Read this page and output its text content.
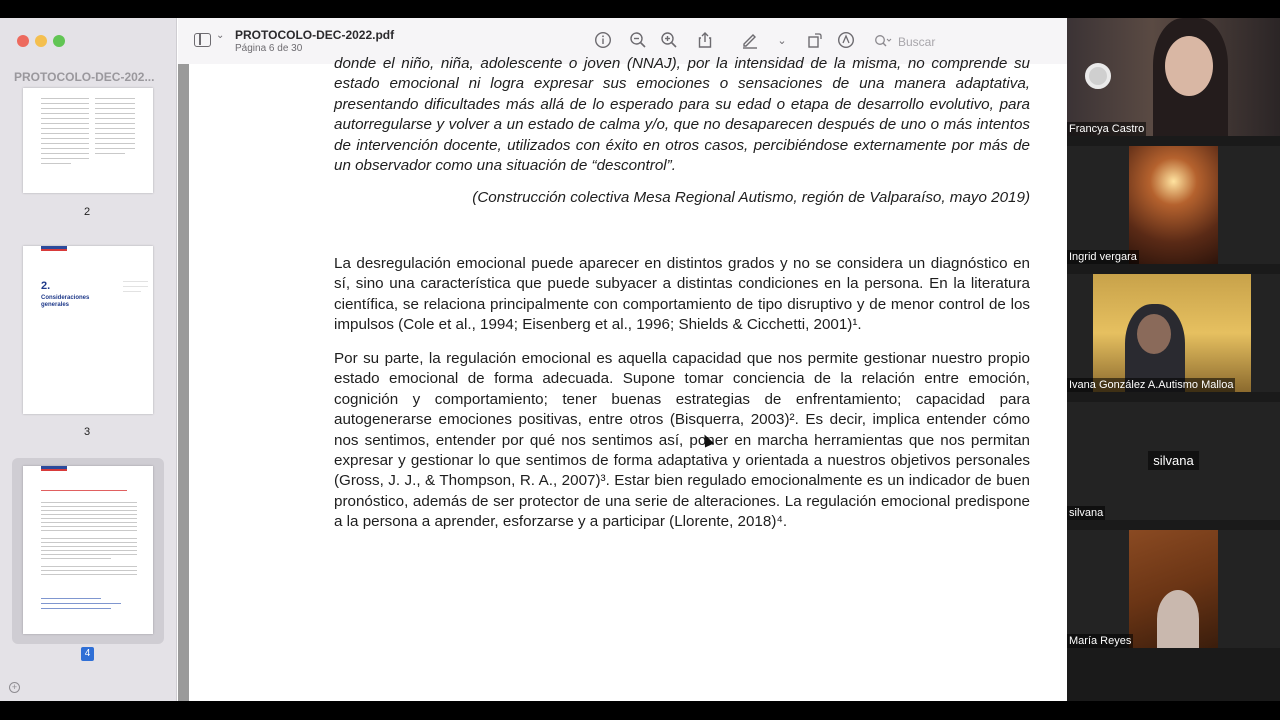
PROTOCOLO-DEC-202...
2
2.
Consideraciones generales
3
4
+
⌄ PROTOCOLO-DEC-2022.pdf
Página 6 de 30
⌄	Buscar
donde el niño, niña, adolescente o joven (NNAJ), por la intensidad de la misma, no comprende su estado emocional ni logra expresar sus emociones o sensaciones de una manera adaptativa, presentando dificultades más allá de lo esperado para su edad o etapa de desarrollo evolutivo, para autorregularse y volver a un estado de calma y/o, que no desaparecen después de uno o más intentos de intervención docente, utilizados con éxito en otros casos, percibiéndose externamente por más de un observador como una situación de “descontrol”.
(Construcción colectiva Mesa Regional Autismo, región de Valparaíso, mayo 2019)
La desregulación emocional puede aparecer en distintos grados y no se considera un diagnóstico en sí, sino una característica que puede subyacer a distintas condiciones en la persona. En la literatura científica, se relaciona principalmente con comportamiento de tipo disruptivo y de menor control de los impulsos (Cole et al., 1994; Eisenberg et al., 1996; Shields & Cicchetti, 2001)¹.
Por su parte, la regulación emocional es aquella capacidad que nos permite gestionar nuestro propio estado emocional de forma adecuada. Supone tomar conciencia de la relación entre emoción, cognición y comportamiento; tener buenas estrategias de enfrentamiento; capacidad para autogenerarse emociones positivas, entre otros (Bisquerra, 2003)². Es decir, implica entender cómo nos sentimos, entender por qué nos sentimos así, poner en marcha herramientas que nos permitan expresar y gestionar lo que sentimos de forma adaptativa y orientada a nuestros objetivos personales (Gross, J. J., & Thompson, R. A., 2007)³. Estar bien regulado emocionalmente es un indicador de buen pronóstico, además de ser protector de una serie de alteraciones. La regulación emocional predispone a la persona a aprender, esforzarse y a participar (Llorente, 2018)⁴.
Francya Castro
Ingrid vergara
Ivana González A.Autismo Malloa
silvana
silvana
María Reyes
